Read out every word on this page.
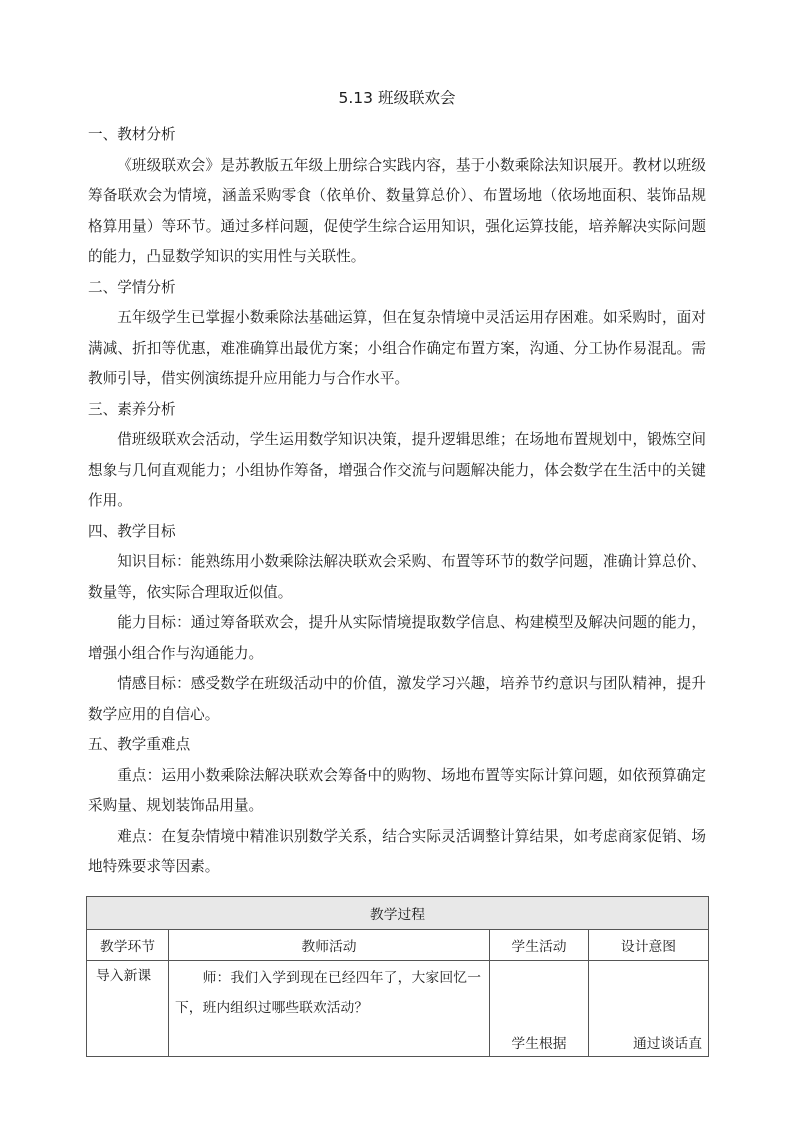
5.13 班级联欢会
一、教材分析

《班级联欢会》是苏教版五年级上册综合实践内容，基于小数乘除法知识展开。教材以班级筹备联欢会为情境，涵盖采购零食（依单价、数量算总价）、布置场地（依场地面积、装饰品规格算用量）等环节。通过多样问题，促使学生综合运用知识，强化运算技能，培养解决实际问题的能力，凸显数学知识的实用性与关联性。

二、学情分析

五年级学生已掌握小数乘除法基础运算，但在复杂情境中灵活运用存困难。如采购时，面对满减、折扣等优惠，难准确算出最优方案；小组合作确定布置方案，沟通、分工协作易混乱。需教师引导，借实例演练提升应用能力与合作水平。

三、素养分析

借班级联欢会活动，学生运用数学知识决策，提升逻辑思维；在场地布置规划中，锻炼空间想象与几何直观能力；小组协作筹备，增强合作交流与问题解决能力，体会数学在生活中的关键作用。

四、教学目标

知识目标：能熟练用小数乘除法解决联欢会采购、布置等环节的数学问题，准确计算总价、数量等，依实际合理取近似值。

能力目标：通过筹备联欢会，提升从实际情境提取数学信息、构建模型及解决问题的能力，增强小组合作与沟通能力。

情感目标：感受数学在班级活动中的价值，激发学习兴趣，培养节约意识与团队精神，提升数学应用的自信心。

五、教学重难点

重点：运用小数乘除法解决联欢会筹备中的购物、场地布置等实际计算问题，如依预算确定采购量、规划装饰品用量。

难点：在复杂情境中精准识别数学关系，结合实际灵活调整计算结果，如考虑商家促销、场地特殊要求等因素。

教学过程			
教学环节	教师活动	学生活动	设计意图
导入新课	师：我们入学到现在已经四年了，大家回忆一下，班内组织过哪些联欢活动？	学生根据	通过谈话直
